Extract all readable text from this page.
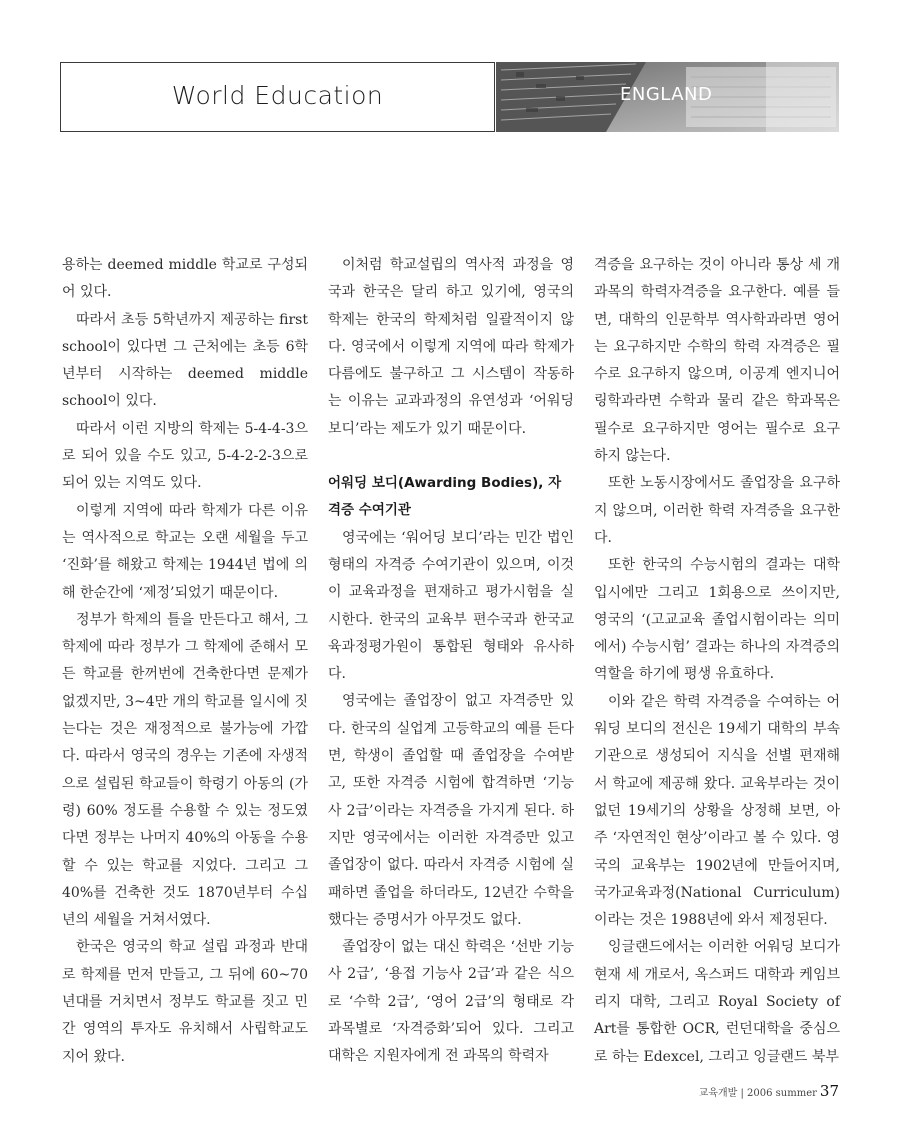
World Education	ENGLAND

용하는 deemed middle 학교로 구성되어 있다.

따라서 초등 5학년까지 제공하는 first school이 있다면 그 근처에는 초등 6학년부터 시작하는 deemed middle school이 있다.

따라서 이런 지방의 학제는 5-4-4-3으로 되어 있을 수도 있고, 5-4-2-2-3으로 되어 있는 지역도 있다.

이렇게 지역에 따라 학제가 다른 이유는 역사적으로 학교는 오랜 세월을 두고 ‘진화’를 해왔고 학제는 1944년 법에 의해 한순간에 ‘제정’되었기 때문이다.

정부가 학제의 틀을 만든다고 해서, 그 학제에 따라 정부가 그 학제에 준해서 모든 학교를 한꺼번에 건축한다면 문제가 없겠지만, 3~4만 개의 학교를 일시에 짓는다는 것은 재정적으로 불가능에 가깝다. 따라서 영국의 경우는 기존에 자생적으로 설립된 학교들이 학령기 아동의 (가령) 60% 정도를 수용할 수 있는 정도였다면 정부는 나머지 40%의 아동을 수용할 수 있는 학교를 지었다. 그리고 그 40%를 건축한 것도 1870년부터 수십 년의 세월을 거쳐서였다.

한국은 영국의 학교 설립 과정과 반대로 학제를 먼저 만들고, 그 뒤에 60~70년대를 거치면서 정부도 학교를 짓고 민간 영역의 투자도 유치해서 사립학교도 지어 왔다.

이처럼 학교설립의 역사적 과정을 영국과 한국은 달리 하고 있기에, 영국의 학제는 한국의 학제처럼 일괄적이지 않다. 영국에서 이렇게 지역에 따라 학제가 다름에도 불구하고 그 시스템이 작동하는 이유는 교과과정의 유연성과 ‘어워딩 보디’라는 제도가 있기 때문이다.

어워딩 보디(Awarding Bodies), 자격증 수여기관

영국에는 ‘워어딩 보디’라는 민간 법인형태의 자격증 수여기관이 있으며, 이것이 교육과정을 편재하고 평가시험을 실시한다. 한국의 교육부 편수국과 한국교육과정평가원이 통합된 형태와 유사하다.

영국에는 졸업장이 없고 자격증만 있다. 한국의 실업계 고등학교의 예를 든다면, 학생이 졸업할 때 졸업장을 수여받고, 또한 자격증 시험에 합격하면 ‘기능사 2급’이라는 자격증을 가지게 된다. 하지만 영국에서는 이러한 자격증만 있고 졸업장이 없다. 따라서 자격증 시험에 실패하면 졸업을 하더라도, 12년간 수학을 했다는 증명서가 아무것도 없다.

졸업장이 없는 대신 학력은 ‘선반 기능사 2급’, ‘용접 기능사 2급’과 같은 식으로 ‘수학 2급’, ‘영어 2급’의 형태로 각 과목별로 ‘자격증화’되어 있다. 그리고 대학은 지원자에게 전 과목의 학력자

격증을 요구하는 것이 아니라 통상 세 개 과목의 학력자격증을 요구한다. 예를 들면, 대학의 인문학부 역사학과라면 영어는 요구하지만 수학의 학력 자격증은 필수로 요구하지 않으며, 이공계 엔지니어링학과라면 수학과 물리 같은 학과목은 필수로 요구하지만 영어는 필수로 요구하지 않는다.

또한 노동시장에서도 졸업장을 요구하지 않으며, 이러한 학력 자격증을 요구한다.

또한 한국의 수능시험의 결과는 대학입시에만 그리고 1회용으로 쓰이지만, 영국의 ‘(고교교육 졸업시험이라는 의미에서) 수능시험’ 결과는 하나의 자격증의 역할을 하기에 평생 유효하다.

이와 같은 학력 자격증을 수여하는 어워딩 보디의 전신은 19세기 대학의 부속기관으로 생성되어 지식을 선별 편재해서 학교에 제공해 왔다. 교육부라는 것이 없던 19세기의 상황을 상정해 보면, 아주 ‘자연적인 현상’이라고 볼 수 있다. 영국의 교육부는 1902년에 만들어지며, 국가교육과정(National Curriculum)이라는 것은 1988년에 와서 제정된다.

잉글랜드에서는 이러한 어워딩 보디가 현재 세 개로서, 옥스퍼드 대학과 케임브리지 대학, 그리고 Royal Society of Art를 통합한 OCR, 런던대학을 중심으로 하는 Edexcel, 그리고 잉글랜드 북부

교육개발 | 2006 summer 37
